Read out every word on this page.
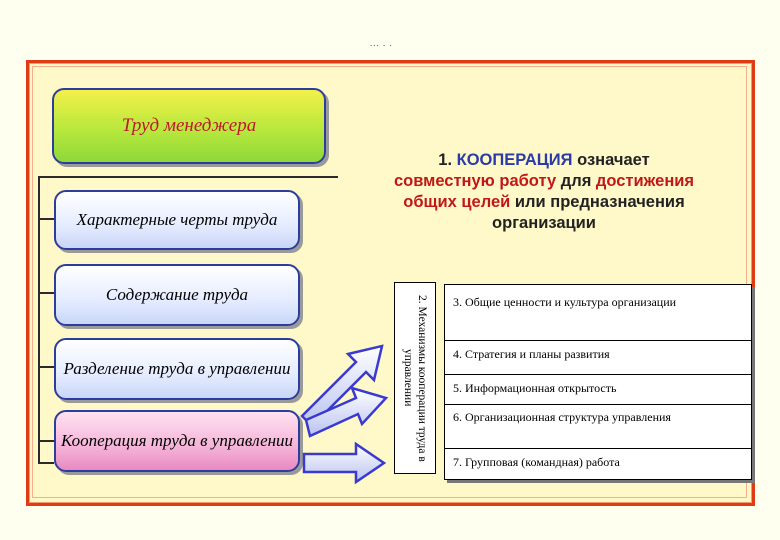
... . .
Труд менеджера
Характерные черты труда
Содержание труда
Разделение труда в управлении
Кооперация труда в управлении
1. КООПЕРАЦИЯ означает совместную работу для достижения общих целей или предназначения организации
2. Механизмы кооперации труда в управлении
3. Общие ценности и культура организации
4. Стратегия и планы развития
5. Информационная открытость
6. Организационная структура управления
7. Групповая (командная) работа
